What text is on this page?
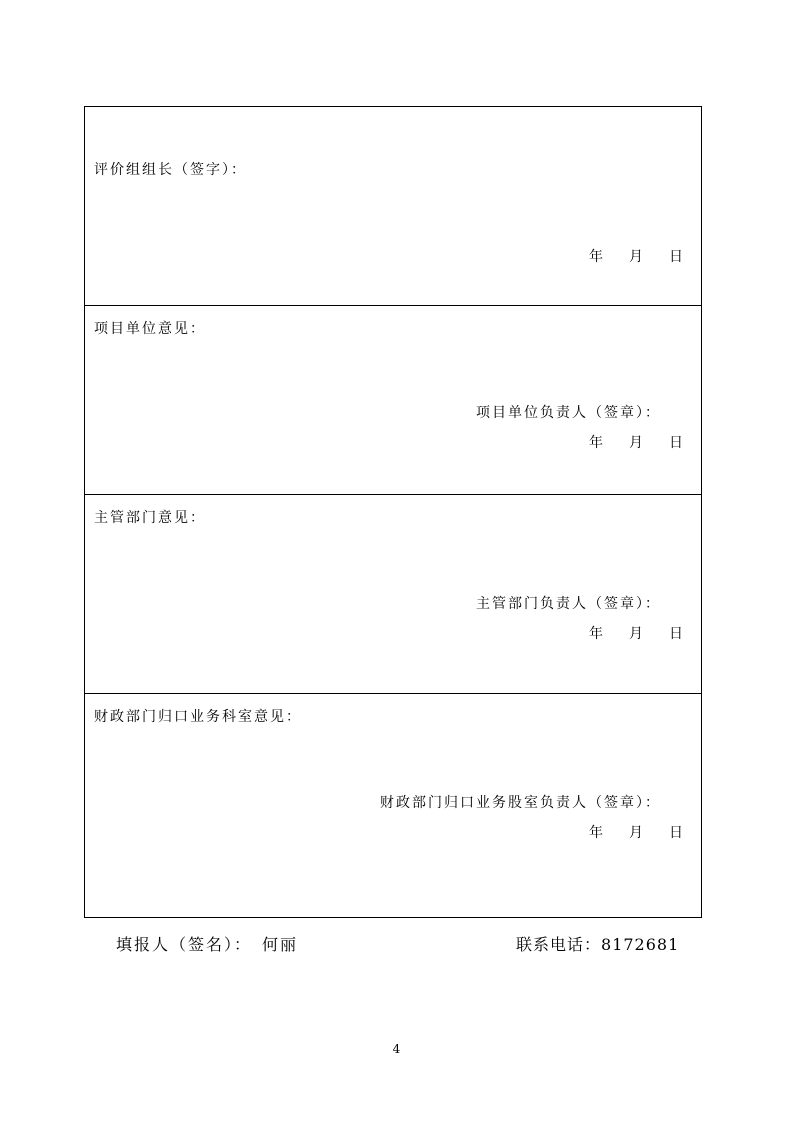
评价组组长（签字）：
年 月 日
项目单位意见：
项目单位负责人（签章）：
年 月 日
主管部门意见：
主管部门负责人（签章）：
年 月 日
财政部门归口业务科室意见：
财政部门归口业务股室负责人（签章）：
年 月 日
填报人（签名）： 何丽	联系电话：8172681
4
